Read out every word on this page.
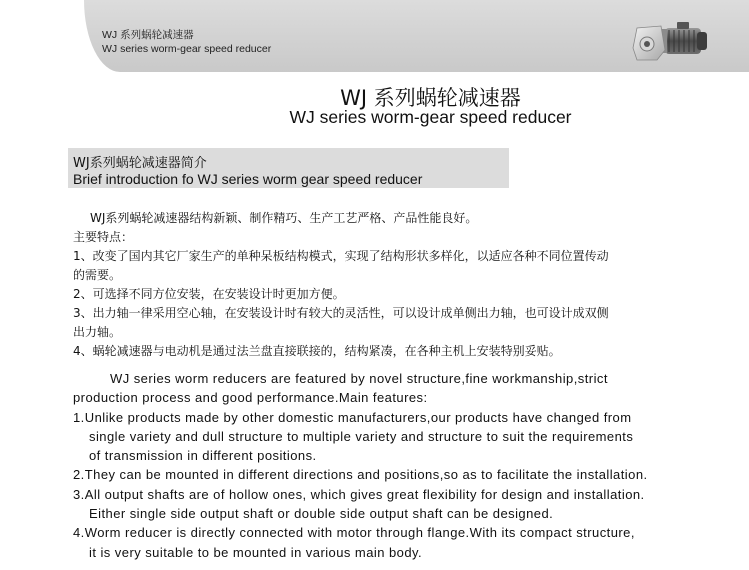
WJ 系列蜗轮减速器
WJ series worm-gear speed reducer
WJ 系列蜗轮减速器
WJ series worm-gear speed reducer
WJ系列蜗轮减速器简介
Brief introduction fo WJ series worm gear speed reducer
WJ系列蜗轮减速器结构新颖、制作精巧、生产工艺严格、产品性能良好。
主要特点：
1、改变了国内其它厂家生产的单种呆板结构模式，实现了结构形状多样化，以适应各种不同位置传动
的需要。
2、可选择不同方位安装，在安装设计时更加方便。
3、出力轴一律采用空心轴，在安装设计时有较大的灵活性，可以设计成单侧出力轴，也可设计成双侧
出力轴。
4、蜗轮减速器与电动机是通过法兰盘直接联接的，结构紧凑，在各种主机上安装特别妥贴。
WJ series worm reducers are featured by novel structure,fine workmanship,strict
production process and good performance.Main features:
1.Unlike products made by other domestic manufacturers,our products have changed from
single variety and dull structure to multiple variety and structure to suit the requirements
of transmission in different positions.
2.They can be mounted in different directions and positions,so as to facilitate the installation.
3.All output shafts are of hollow ones, which gives great flexibility for design and installation.
Either single side output shaft or double side output shaft can be designed.
4.Worm reducer is directly connected with motor through flange.With its compact structure,
it is very suitable to be mounted in various main body.
